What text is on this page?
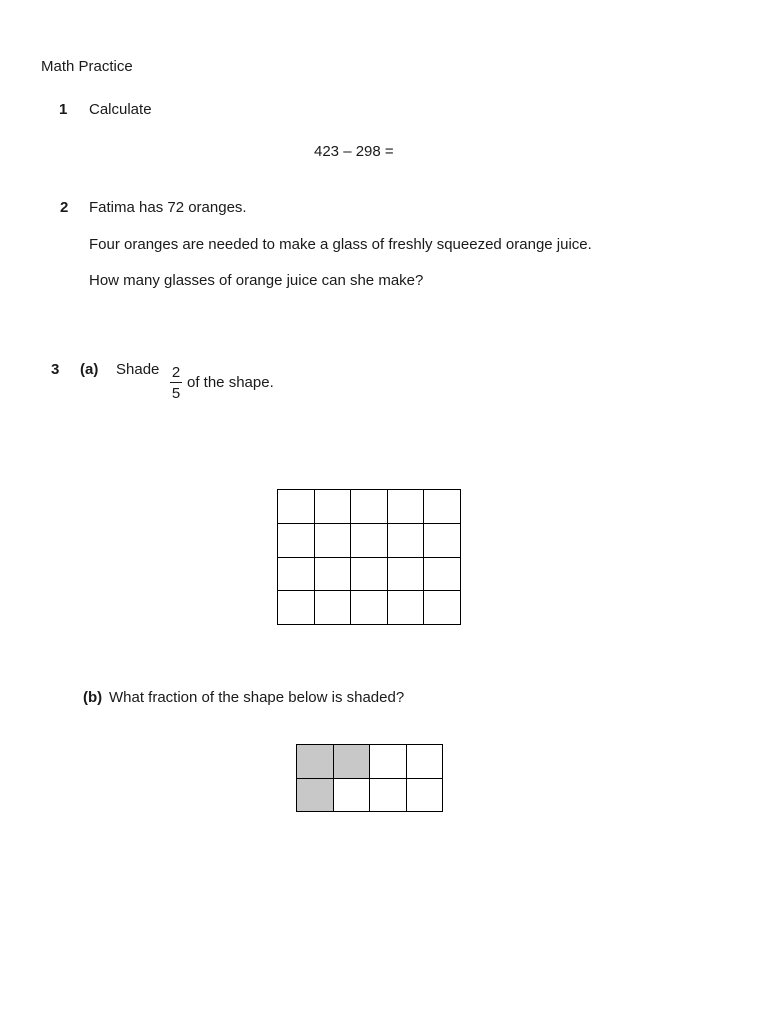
Math Practice
1 Calculate
423 – 298 =
2 Fatima has 72 oranges.
Four oranges are needed to make a glass of freshly squeezed orange juice.
How many glasses of orange juice can she make?
3 (a) Shade $\frac{2}{5}$ of the shape.

(b) What fraction of the shape below is shaded?
